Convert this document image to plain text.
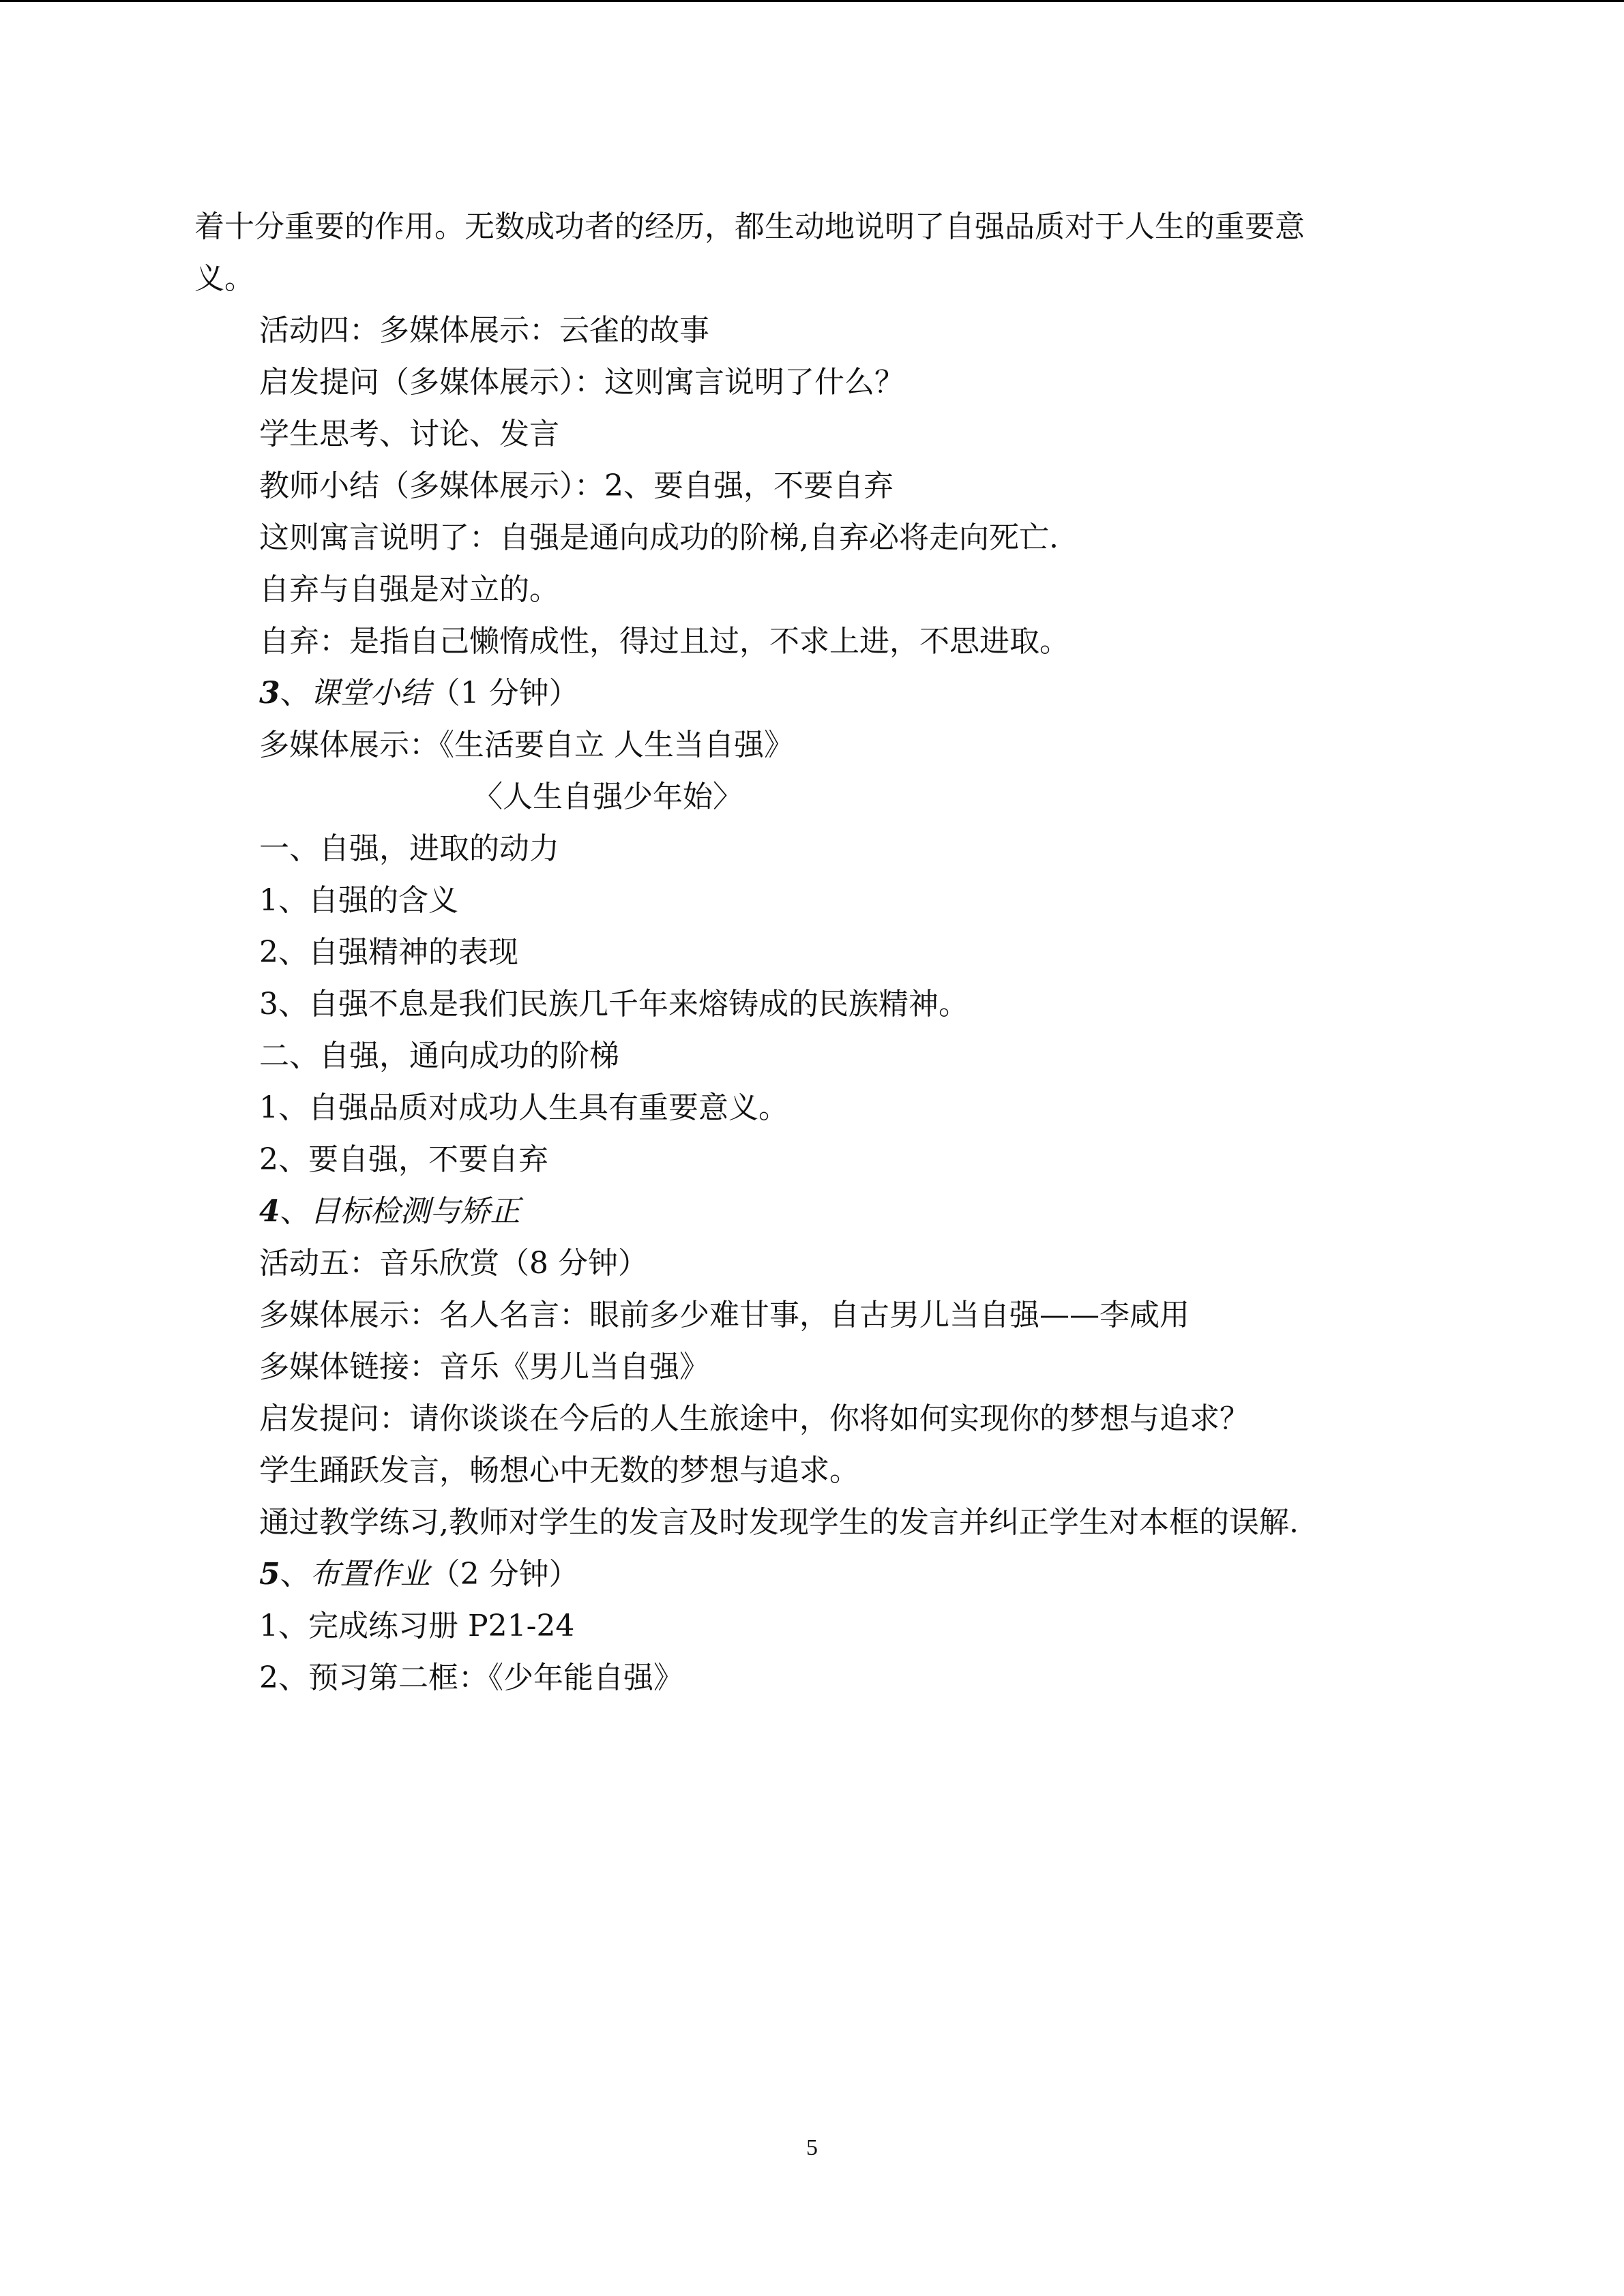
着十分重要的作用。无数成功者的经历，都生动地说明了自强品质对于人生的重要意

义。

活动四：多媒体展示：云雀的故事

启发提问（多媒体展示）：这则寓言说明了什么？

学生思考、讨论、发言

教师小结（多媒体展示）：2、要自强，不要自弃

这则寓言说明了：自强是通向成功的阶梯,自弃必将走向死亡.

自弃与自强是对立的。

自弃：是指自己懒惰成性，得过且过，不求上进，不思进取。

3、课堂小结（1 分钟）

多媒体展示：《生活要自立 人生当自强》

〈人生自强少年始〉

一、自强，进取的动力

1、自强的含义

2、自强精神的表现

3、自强不息是我们民族几千年来熔铸成的民族精神。

二、自强，通向成功的阶梯

1、自强品质对成功人生具有重要意义。

2、要自强，不要自弃

4、目标检测与矫正

活动五：音乐欣赏（8 分钟）

多媒体展示：名人名言：眼前多少难甘事，自古男儿当自强——李咸用

多媒体链接：音乐《男儿当自强》

启发提问：请你谈谈在今后的人生旅途中，你将如何实现你的梦想与追求？

学生踊跃发言，畅想心中无数的梦想与追求。

通过教学练习,教师对学生的发言及时发现学生的发言并纠正学生对本框的误解.

5、布置作业（2 分钟）

1、完成练习册 P21-24

2、预习第二框：《少年能自强》

5
